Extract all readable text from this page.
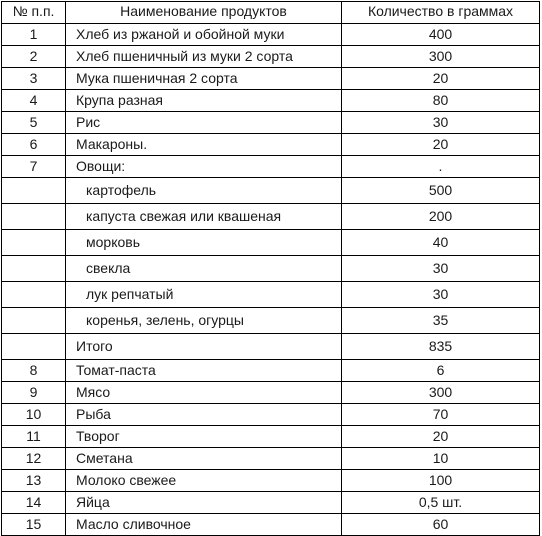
№ п.п.	Наименование продуктов	Количество в граммах
1	Хлеб из ржаной и обойной муки	400
2	Хлеб пшеничный из муки 2 сорта	300
3	Мука пшеничная 2 сорта	20
4	Крупа разная	80
5	Рис	30
6	Макароны.	20
7	Овощи:	.
	картофель	500
	капуста свежая или квашеная	200
	морковь	40
	свекла	30
	лук репчатый	30
	коренья, зелень, огурцы	35
	Итого	835
8	Томат-паста	6
9	Мясо	300
10	Рыба	70
11	Творог	20
12	Сметана	10
13	Молоко свежее	100
14	Яйца	0,5 шт.
15	Масло сливочное	60
